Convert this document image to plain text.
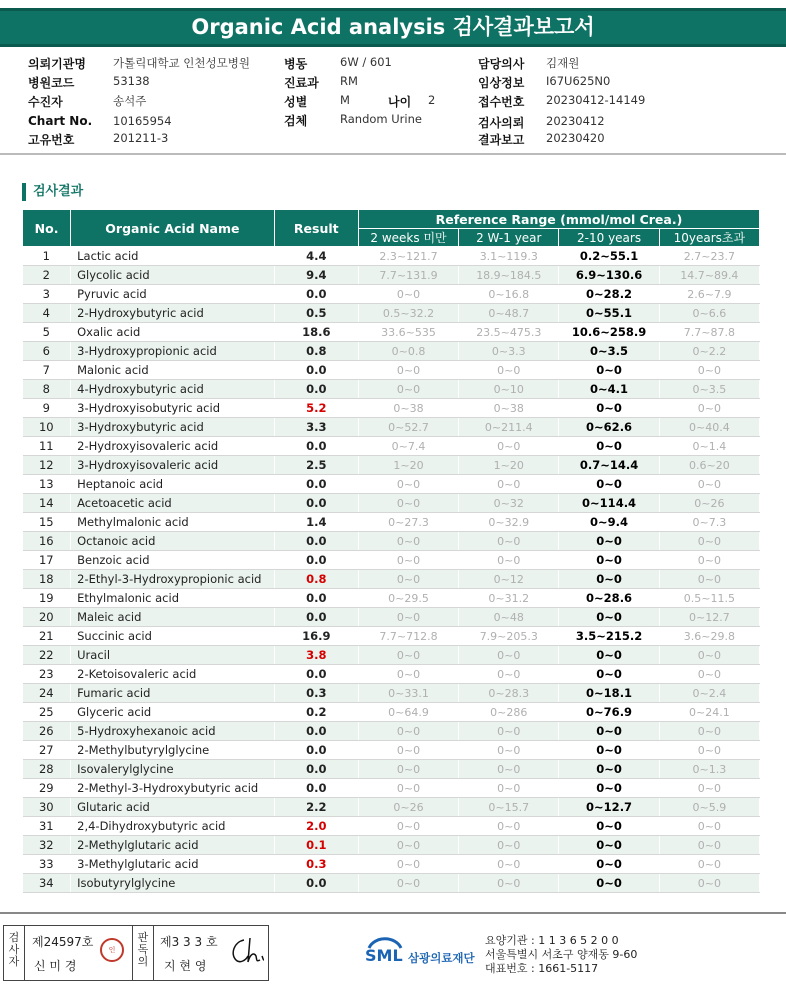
Organic Acid analysis 검사결과보고서
의뢰기관명 가톨릭대학교 인천성모병원
병원코드	53138
수진자	송석주
Chart No. 10165954
고유번호	201211-3
병동	6W / 601
진료과 RM
성별	M
검체	Random Urine
나이 2
담당의사 김재원
임상정보 I67U625N0
접수번호 20230412-14149
검사의뢰 20230412
결과보고 20230420
검사결과
No.	Organic Acid Name	Result	Reference Range (mmol/mol Crea.)			
			2 weeks 미만	2 W-1 year	2-10 years	10years초과
1	Lactic acid	4.4	2.3~121.7	3.1~119.3	0.2~55.1	2.7~23.7
2	Glycolic acid	9.4	7.7~131.9	18.9~184.5	6.9~130.6	14.7~89.4
3	Pyruvic acid	0.0	0~0	0~16.8	0~28.2	2.6~7.9
4	2-Hydroxybutyric acid	0.5	0.5~32.2	0~48.7	0~55.1	0~6.6
5	Oxalic acid	18.6	33.6~535	23.5~475.3	10.6~258.9	7.7~87.8
6	3-Hydroxypropionic acid	0.8	0~0.8	0~3.3	0~3.5	0~2.2
7	Malonic acid	0.0	0~0	0~0	0~0	0~0
8	4-Hydroxybutyric acid	0.0	0~0	0~10	0~4.1	0~3.5
9	3-Hydroxyisobutyric acid	5.2	0~38	0~38	0~0	0~0
10	3-Hydroxybutyric acid	3.3	0~52.7	0~211.4	0~62.6	0~40.4
11	2-Hydroxyisovaleric acid	0.0	0~7.4	0~0	0~0	0~1.4
12	3-Hydroxyisovaleric acid	2.5	1~20	1~20	0.7~14.4	0.6~20
13	Heptanoic acid	0.0	0~0	0~0	0~0	0~0
14	Acetoacetic acid	0.0	0~0	0~32	0~114.4	0~26
15	Methylmalonic acid	1.4	0~27.3	0~32.9	0~9.4	0~7.3
16	Octanoic acid	0.0	0~0	0~0	0~0	0~0
17	Benzoic acid	0.0	0~0	0~0	0~0	0~0
18	2-Ethyl-3-Hydroxypropionic acid	0.8	0~0	0~12	0~0	0~0
19	Ethylmalonic acid	0.0	0~29.5	0~31.2	0~28.6	0.5~11.5
20	Maleic acid	0.0	0~0	0~48	0~0	0~12.7
21	Succinic acid	16.9	7.7~712.8	7.9~205.3	3.5~215.2	3.6~29.8
22	Uracil	3.8	0~0	0~0	0~0	0~0
23	2-Ketoisovaleric acid	0.0	0~0	0~0	0~0	0~0
24	Fumaric acid	0.3	0~33.1	0~28.3	0~18.1	0~2.4
25	Glyceric acid	0.2	0~64.9	0~286	0~76.9	0~24.1
26	5-Hydroxyhexanoic acid	0.0	0~0	0~0	0~0	0~0
27	2-Methylbutyrylglycine	0.0	0~0	0~0	0~0	0~0
28	Isovalerylglycine	0.0	0~0	0~0	0~0	0~1.3
29	2-Methyl-3-Hydroxybutyric acid	0.0	0~0	0~0	0~0	0~0
30	Glutaric acid	2.2	0~26	0~15.7	0~12.7	0~5.9
31	2,4-Dihydroxybutyric acid	2.0	0~0	0~0	0~0	0~0
32	2-Methylglutaric acid	0.1	0~0	0~0	0~0	0~0
33	3-Methylglutaric acid	0.3	0~0	0~0	0~0	0~0
34	Isobutyrylglycine	0.0	0~0	0~0	0~0	0~0
검사자
제24597호
신 미 경
인
판독의
제3 3 3 호
지 현 영
SML 삼광의료재단
요양기관 : 1 1 3 6 5 2 0 0
서울특별시 서초구 양재동 9-60
대표번호 : 1661-5117
